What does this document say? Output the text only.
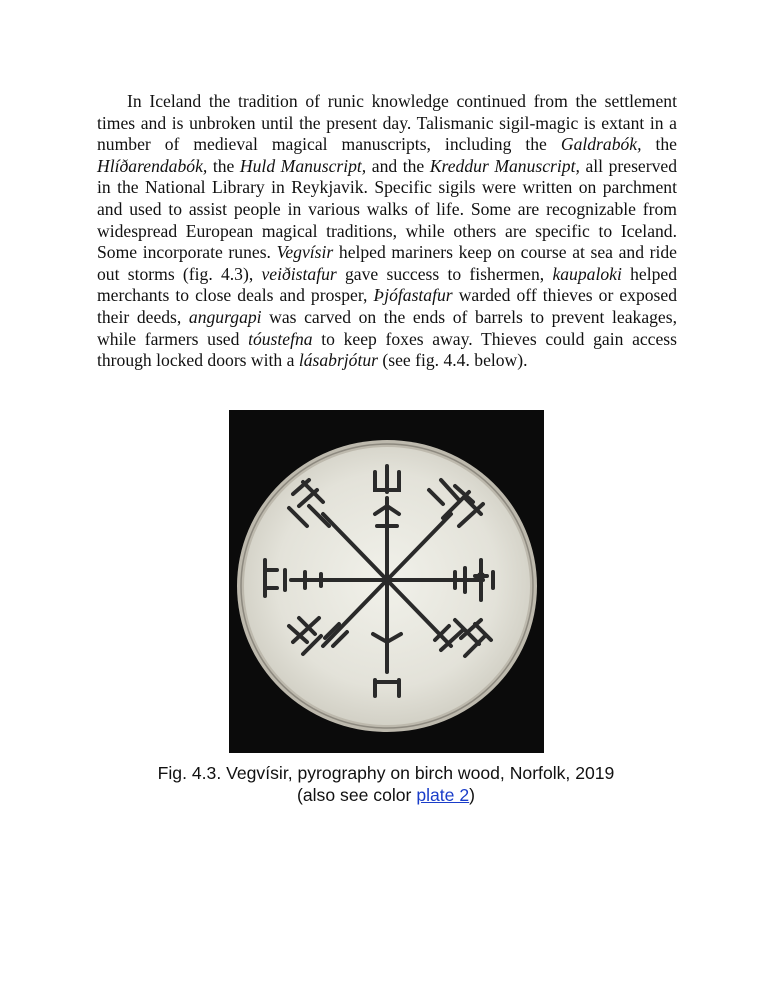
In Iceland the tradition of runic knowledge continued from the settlement times and is unbroken until the present day. Talismanic sigil-magic is extant in a number of medieval magical manuscripts, including the Galdrabók, the Hlíðarendabók, the Huld Manuscript, and the Kreddur Manuscript, all preserved in the National Library in Reykjavik. Specific sigils were written on parchment and used to assist people in various walks of life. Some are recognizable from widespread European magical traditions, while others are specific to Iceland. Some incorporate runes. Vegvísir helped mariners keep on course at sea and ride out storms (fig. 4.3), veiðistafur gave success to fishermen, kaupaloki helped merchants to close deals and prosper, Þjófastafur warded off thieves or exposed their deeds, angurgapi was carved on the ends of barrels to prevent leakages, while farmers used tóustefna to keep foxes away. Thieves could gain access through locked doors with a lásabrjótur (see fig. 4.4. below).

Fig. 4.3. Vegvísir, pyrography on birch wood, Norfolk, 2019
(also see color plate 2)
